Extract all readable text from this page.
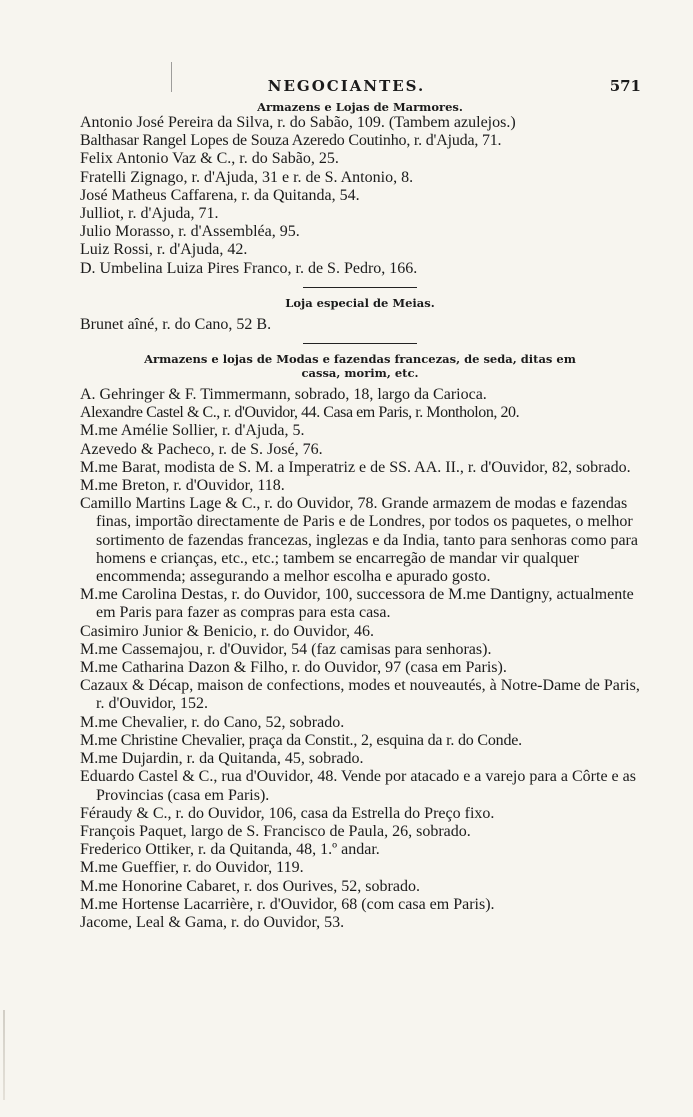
NEGOCIANTES.	571

Armazens e Lojas de Marmores.

Antonio José Pereira da Silva, r. do Sabão, 109. (Tambem azulejos.)
Balthasar Rangel Lopes de Souza Azeredo Coutinho, r. d'Ajuda, 71.
Felix Antonio Vaz & C., r. do Sabão, 25.
Fratelli Zignago, r. d'Ajuda, 31 e r. de S. Antonio, 8.
José Matheus Caffarena, r. da Quitanda, 54.
Julliot, r. d'Ajuda, 71.
Julio Morasso, r. d'Assembléa, 95.
Luiz Rossi, r. d'Ajuda, 42.
D. Umbelina Luiza Pires Franco, r. de S. Pedro, 166.

Loja especial de Meias.

Brunet aîné, r. do Cano, 52 B.

Armazens e lojas de Modas e fazendas francezas, de seda, ditas em
cassa, morim, etc.

A. Gehringer & F. Timmermann, sobrado, 18, largo da Carioca.
Alexandre Castel & C., r. d'Ouvidor, 44. Casa em Paris, r. Montholon, 20.
M.me Amélie Sollier, r. d'Ajuda, 5.
Azevedo & Pacheco, r. de S. José, 76.
M.me Barat, modista de S. M. a Imperatriz e de SS. AA. II., r. d'Ouvidor, 82, sobrado.
M.me Breton, r. d'Ouvidor, 118.
Camillo Martins Lage & C., r. do Ouvidor, 78. Grande armazem de modas e fazendas finas, importão directamente de Paris e de Londres, por todos os paquetes, o melhor sortimento de fazendas francezas, inglezas e da India, tanto para senhoras como para homens e crianças, etc., etc.; tambem se encarregão de mandar vir qualquer encommenda; assegurando a melhor escolha e apurado gosto.
M.me Carolina Destas, r. do Ouvidor, 100, successora de M.me Dantigny, actualmente em Paris para fazer as compras para esta casa.
Casimiro Junior & Benicio, r. do Ouvidor, 46.
M.me Cassemajou, r. d'Ouvidor, 54 (faz camisas para senhoras).
M.me Catharina Dazon & Filho, r. do Ouvidor, 97 (casa em Paris).
Cazaux & Décap, maison de confections, modes et nouveautés, à Notre-Dame de Paris, r. d'Ouvidor, 152.
M.me Chevalier, r. do Cano, 52, sobrado.
M.me Christine Chevalier, praça da Constit., 2, esquina da r. do Conde.
M.me Dujardin, r. da Quitanda, 45, sobrado.
Eduardo Castel & C., rua d'Ouvidor, 48. Vende por atacado e a varejo para a Côrte e as Provincias (casa em Paris).
Féraudy & C., r. do Ouvidor, 106, casa da Estrella do Preço fixo.
François Paquet, largo de S. Francisco de Paula, 26, sobrado.
Frederico Ottiker, r. da Quitanda, 48, 1.º andar.
M.me Gueffier, r. do Ouvidor, 119.
M.me Honorine Cabaret, r. dos Ourives, 52, sobrado.
M.me Hortense Lacarrière, r. d'Ouvidor, 68 (com casa em Paris).
Jacome, Leal & Gama, r. do Ouvidor, 53.
